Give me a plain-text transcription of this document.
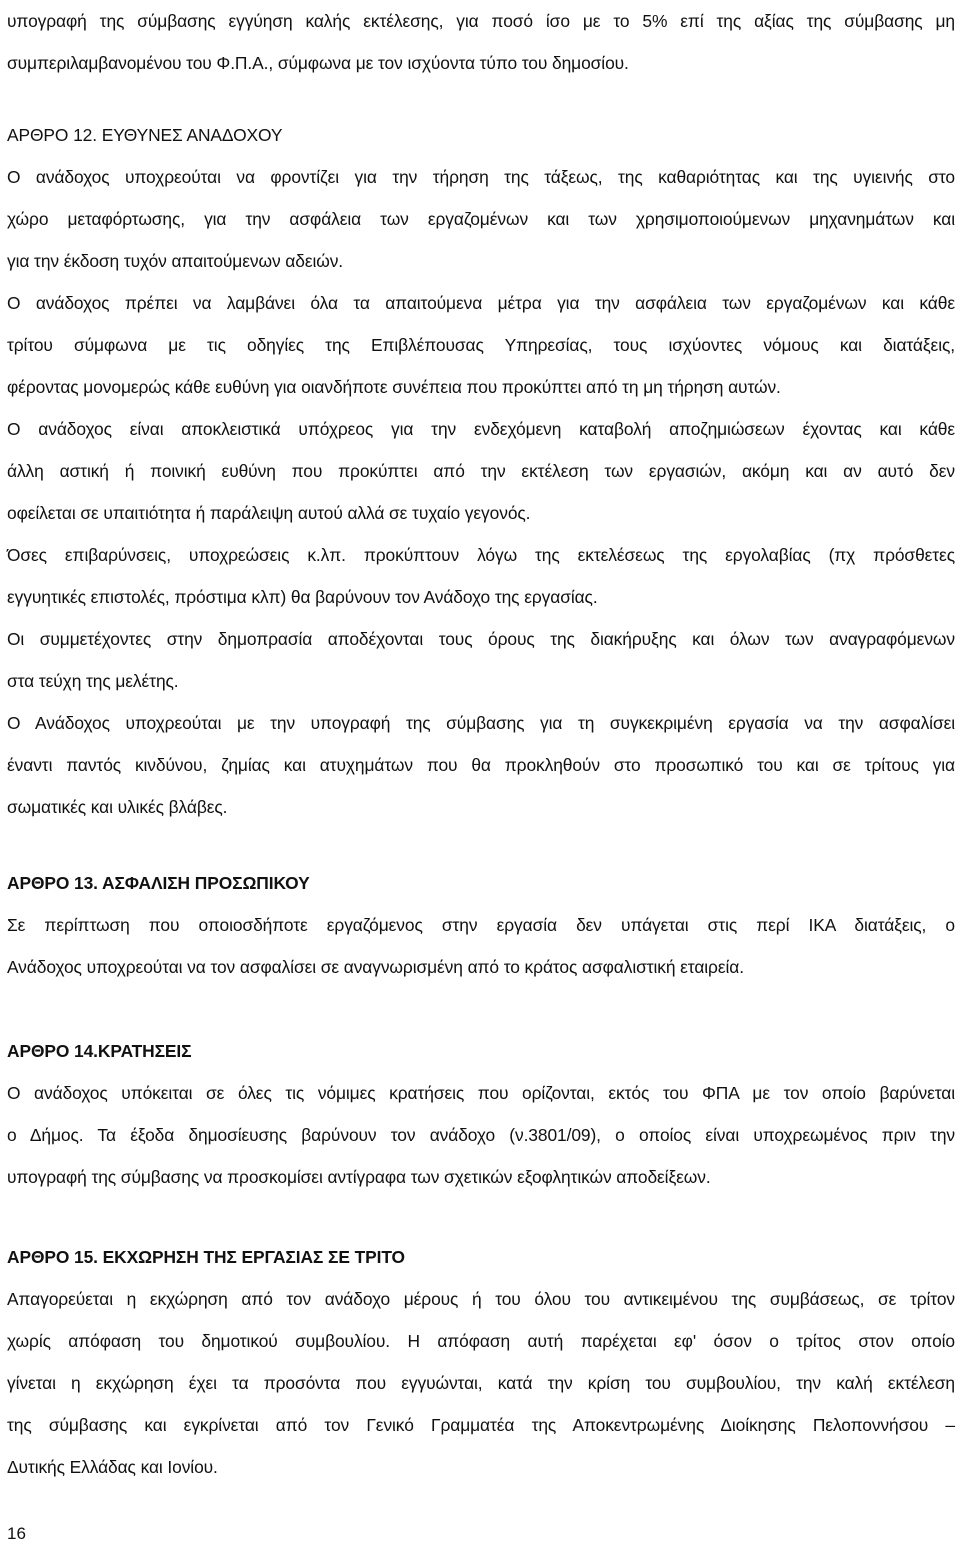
υπογραφή της σύμβασης εγγύηση καλής εκτέλεσης, για ποσό ίσο με το 5% επί της αξίας της σύμβασης μη
συμπεριλαμβανομένου του Φ.Π.Α., σύμφωνα με τον ισχύοντα τύπο του δημοσίου.
ΑΡΘΡΟ 12. ΕΥΘΥΝΕΣ ΑΝΑΔΟΧΟΥ
Ο ανάδοχος υποχρεούται να φροντίζει για την τήρηση της τάξεως, της καθαριότητας και της υγιεινής στο
χώρο μεταφόρτωσης, για την ασφάλεια των εργαζομένων και των χρησιμοποιούμενων μηχανημάτων και
για την έκδοση τυχόν απαιτούμενων αδειών.
Ο ανάδοχος πρέπει να λαμβάνει όλα τα απαιτούμενα μέτρα για την ασφάλεια των εργαζομένων και κάθε
τρίτου σύμφωνα με τις οδηγίες της Επιβλέπουσας Υπηρεσίας, τους ισχύοντες νόμους και διατάξεις,
φέροντας μονομερώς κάθε ευθύνη για οιανδήποτε συνέπεια που προκύπτει από τη μη τήρηση αυτών.
Ο ανάδοχος είναι αποκλειστικά υπόχρεος για την ενδεχόμενη καταβολή αποζημιώσεων έχοντας και κάθε
άλλη αστική ή ποινική ευθύνη που προκύπτει από την εκτέλεση των εργασιών, ακόμη και αν αυτό δεν
οφείλεται σε υπαιτιότητα ή παράλειψη αυτού αλλά σε τυχαίο γεγονός.
Όσες επιβαρύνσεις, υποχρεώσεις κ.λπ. προκύπτουν λόγω της εκτελέσεως της εργολαβίας (πχ πρόσθετες
εγγυητικές επιστολές, πρόστιμα κλπ) θα βαρύνουν τον Ανάδοχο της εργασίας.
Οι συμμετέχοντες στην δημοπρασία αποδέχονται τους όρους της διακήρυξης και όλων των αναγραφόμενων
στα τεύχη της μελέτης.
Ο Ανάδοχος υποχρεούται με την υπογραφή της σύμβασης για τη συγκεκριμένη εργασία να την ασφαλίσει
έναντι παντός κινδύνου, ζημίας και ατυχημάτων που θα προκληθούν στο προσωπικό του και σε τρίτους για
σωματικές και υλικές βλάβες.
ΑΡΘΡΟ 13. ΑΣΦΑΛΙΣΗ ΠΡΟΣΩΠΙΚΟΥ
Σε περίπτωση που οποιοσδήποτε εργαζόμενος στην εργασία δεν υπάγεται στις περί ΙΚΑ διατάξεις, ο
Ανάδοχος υποχρεούται να τον ασφαλίσει σε αναγνωρισμένη από το κράτος ασφαλιστική εταιρεία.
ΑΡΘΡΟ 14.ΚΡΑΤΗΣΕΙΣ
Ο ανάδοχος υπόκειται σε όλες τις νόμιμες κρατήσεις που ορίζονται, εκτός του ΦΠΑ με τον οποίο βαρύνεται
ο Δήμος. Τα έξοδα δημοσίευσης βαρύνουν τον ανάδοχο (ν.3801/09), ο οποίος είναι υποχρεωμένος πριν την
υπογραφή της σύμβασης να προσκομίσει αντίγραφα των σχετικών εξοφλητικών αποδείξεων.
ΑΡΘΡΟ 15. ΕΚΧΩΡΗΣΗ ΤΗΣ ΕΡΓΑΣΙΑΣ ΣΕ ΤΡΙΤΟ
Απαγορεύεται η εκχώρηση από τον ανάδοχο μέρους ή του όλου του αντικειμένου της συμβάσεως, σε τρίτον
χωρίς απόφαση του δημοτικού συμβουλίου. Η απόφαση αυτή παρέχεται εφ' όσον ο τρίτος στον οποίο
γίνεται η εκχώρηση έχει τα προσόντα που εγγυώνται, κατά την κρίση του συμβουλίου, την καλή εκτέλεση
της σύμβασης και εγκρίνεται από τον Γενικό Γραμματέα της Αποκεντρωμένης Διοίκησης Πελοποννήσου –
Δυτικής Ελλάδας και Ιονίου.
16
